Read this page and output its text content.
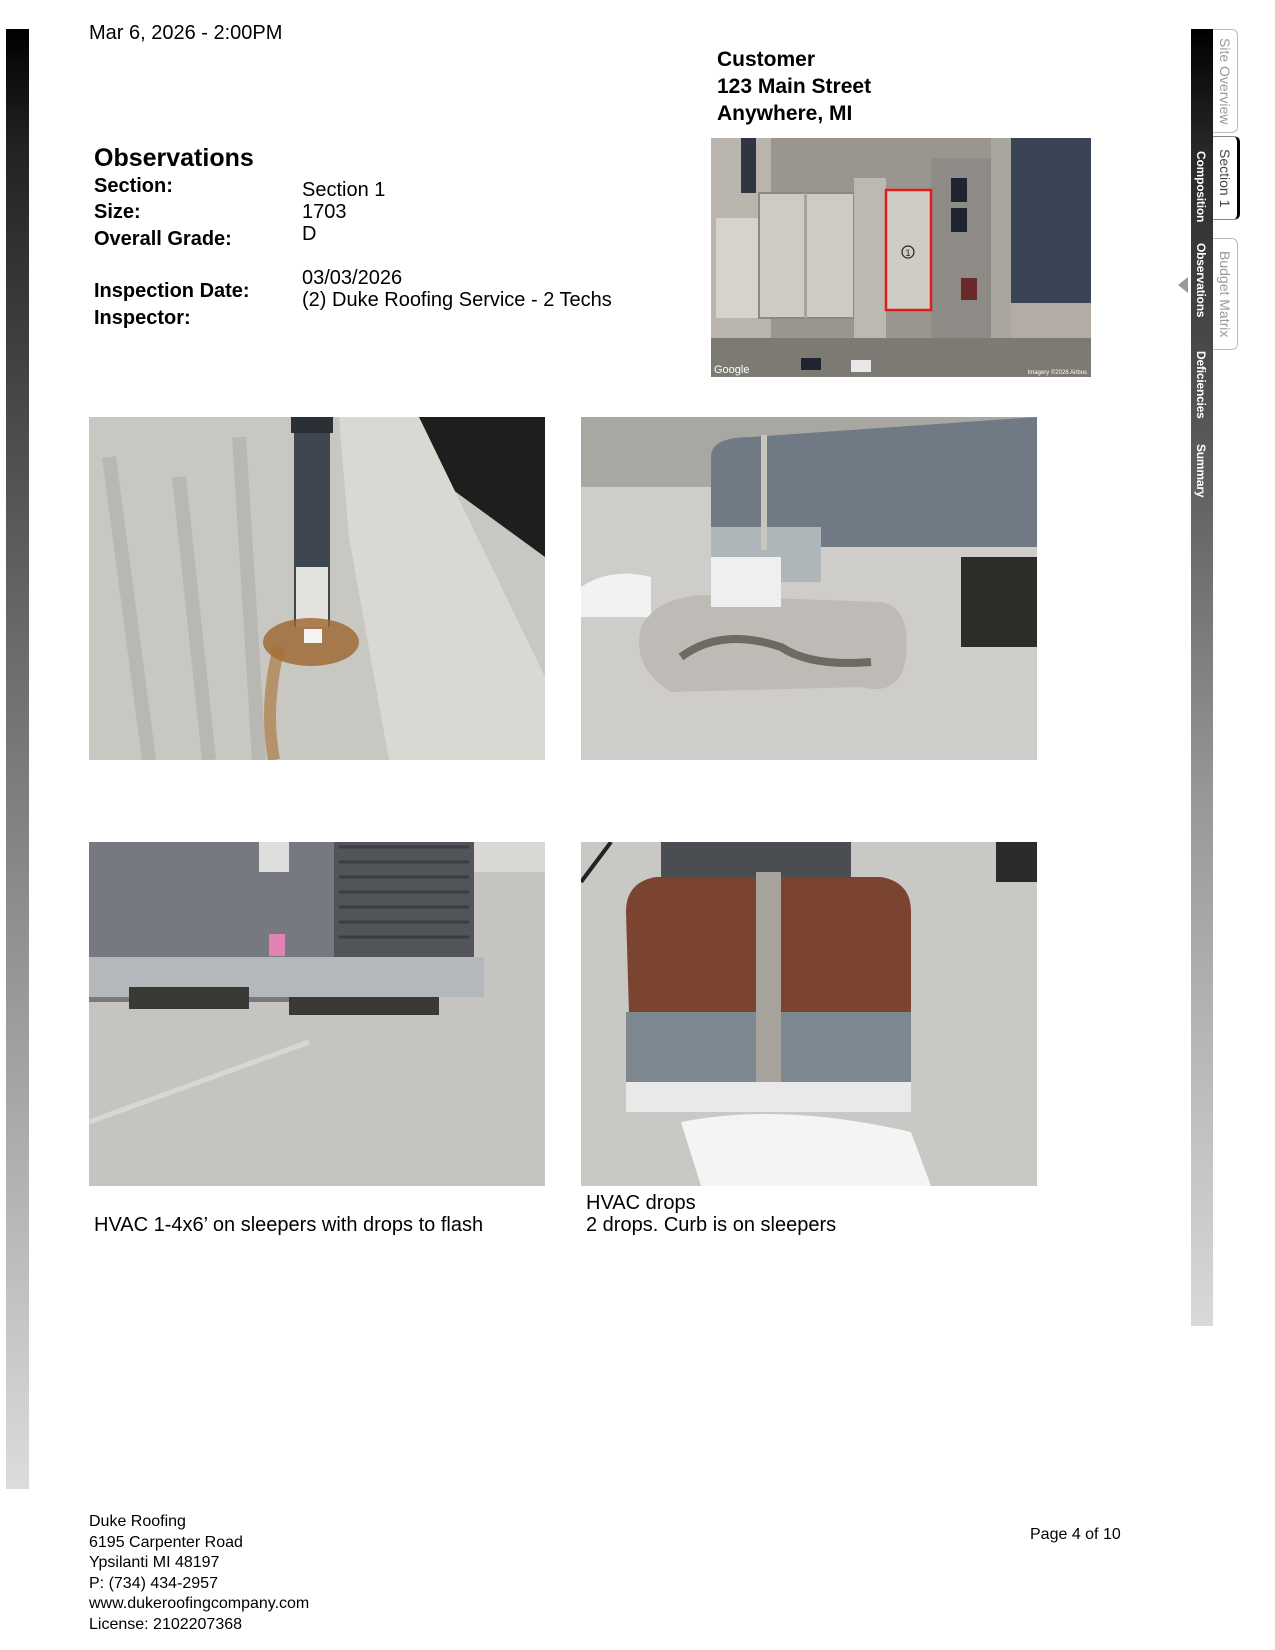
Mar 6, 2026 - 2:00PM
Customer
123 Main Street
Anywhere, MI
Observations
Section:	Section 1
Size:	1703
Overall Grade:	D
Inspection Date:
03/03/2026
Inspector:
(2) Duke Roofing Service - 2 Techs
1
Google	Imagery ©2026 Airbus
HVAC 1-4x6’ on sleepers with drops to flash
HVAC drops
2 drops. Curb is on sleepers
Duke Roofing
6195 Carpenter Road
Ypsilanti MI 48197
P: (734) 434-2957
www.dukeroofingcompany.com
License: 2102207368
Page 4 of 10
Composition
Observations
Deficiencies
Summary
Site Overview
Section 1
Budget Matrix
